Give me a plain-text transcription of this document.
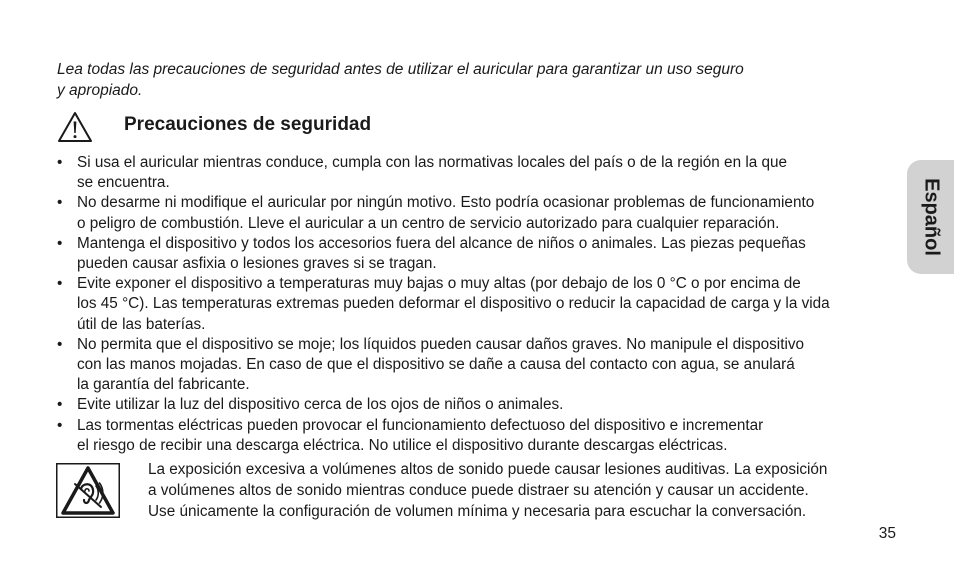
Lea todas las precauciones de seguridad antes de utilizar el auricular para garantizar un uso seguro
y apropiado.
Precauciones de seguridad
• Si usa el auricular mientras conduce, cumpla con las normativas locales del país o de la región en la que
se encuentra.
• No desarme ni modifique el auricular por ningún motivo. Esto podría ocasionar problemas de funcionamiento
o peligro de combustión. Lleve el auricular a un centro de servicio autorizado para cualquier reparación.
• Mantenga el dispositivo y todos los accesorios fuera del alcance de niños o animales. Las piezas pequeñas
pueden causar asfixia o lesiones graves si se tragan.
• Evite exponer el dispositivo a temperaturas muy bajas o muy altas (por debajo de los 0 °C o por encima de
los 45 °C). Las temperaturas extremas pueden deformar el dispositivo o reducir la capacidad de carga y la vida
útil de las baterías.
• No permita que el dispositivo se moje; los líquidos pueden causar daños graves. No manipule el dispositivo
con las manos mojadas. En caso de que el dispositivo se dañe a causa del contacto con agua, se anulará
la garantía del fabricante.
• Evite utilizar la luz del dispositivo cerca de los ojos de niños o animales.
• Las tormentas eléctricas pueden provocar el funcionamiento defectuoso del dispositivo e incrementar
el riesgo de recibir una descarga eléctrica. No utilice el dispositivo durante descargas eléctricas.
La exposición excesiva a volúmenes altos de sonido puede causar lesiones auditivas. La exposición
a volúmenes altos de sonido mientras conduce puede distraer su atención y causar un accidente.
Use únicamente la configuración de volumen mínima y necesaria para escuchar la conversación.
35
Español
